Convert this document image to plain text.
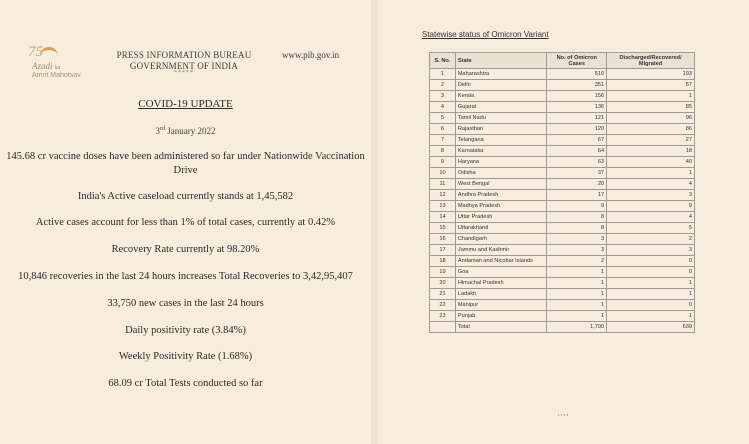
75
Azadi ka
Amrit Mahotsav
PRESS INFORMATION BUREAU
GOVERNMENT OF INDIA
*****
www.pib.gov.in
COVID-19 UPDATE
3rd January 2022
145.68 cr vaccine doses have been administered so far under Nationwide Vaccination Drive
India's Active caseload currently stands at 1,45,582
Active cases account for less than 1% of total cases, currently at 0.42%
Recovery Rate currently at 98.20%
10,846 recoveries in the last 24 hours increases Total Recoveries to 3,42,95,407
33,750 new cases in the last 24 hours
Daily positivity rate (3.84%)
Weekly Positivity Rate (1.68%)
68.09 cr Total Tests conducted so far
Statewise status of Omicron Variant
S. No.	State	No. of Omicron Cases	Discharged/Recovered/ Migrated
1	Maharashtra	510	193
2	Delhi	351	57
3	Kerala	156	1
4	Gujarat	136	85
5	Tamil Nadu	121	96
6	Rajasthan	120	86
7	Telangana	67	27
8	Karnataka	64	18
9	Haryana	63	40
10	Odisha	37	1
11	West Bengal	20	4
12	Andhra Pradesh	17	3
13	Madhya Pradesh	9	9
14	Uttar Pradesh	8	4
15	Uttarakhand	8	5
16	Chandigarh	3	2
17	Jammu and Kashmir	3	3
18	Andaman and Nicobar Islands	2	0
19	Goa	1	0
20	Himachal Pradesh	1	1
21	Ladakh	1	1
22	Manipur	1	0
23	Punjab	1	1
	Total	1,700	639
****
